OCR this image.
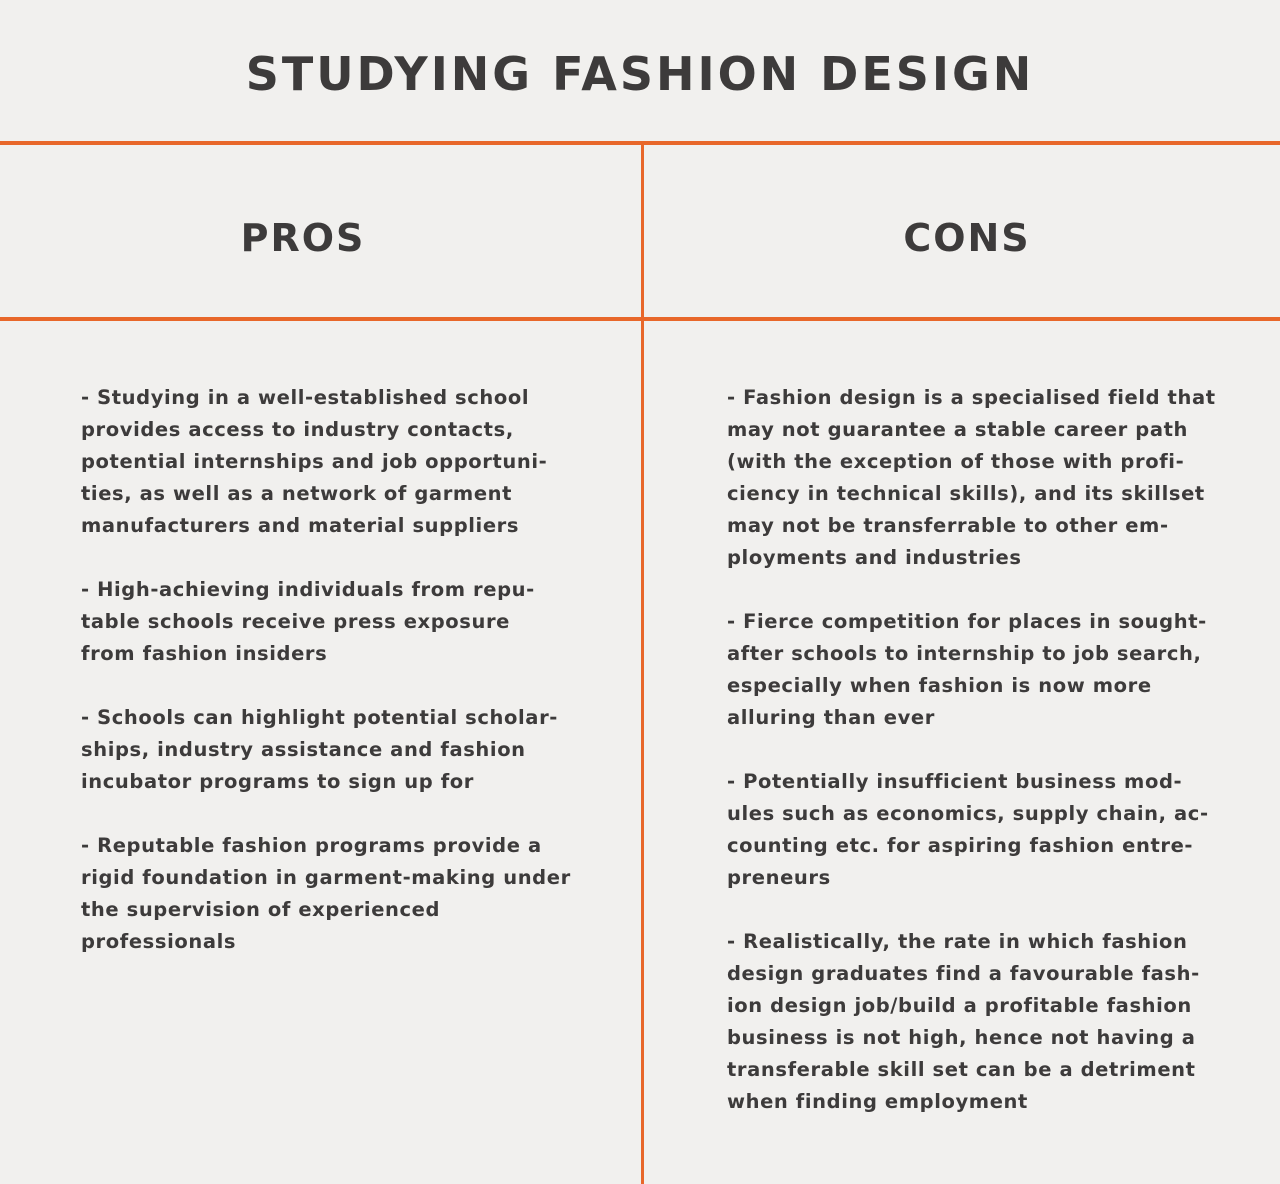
STUDYING FASHION DESIGN
PROS	CONS
- Studying in a well-established school provides access to industry contacts, potential internships and job opportuni-ties, as well as a network of garment manufacturers and material suppliers
- High-achieving individuals from repu-table schools receive press exposure from fashion insiders
- Schools can highlight potential scholar-ships, industry assistance and fashion incubator programs to sign up for
- Reputable fashion programs provide a rigid foundation in garment-making under the supervision of experienced professionals
- Fashion design is a specialised field that may not guarantee a stable career path (with the exception of those with profi-ciency in technical skills), and its skillset may not be transferrable to other em-ployments and industries
- Fierce competition for places in sought-after schools to internship to job search, especially when fashion is now more alluring than ever
- Potentially insufficient business mod-ules such as economics, supply chain, ac-counting etc. for aspiring fashion entre-preneurs
- Realistically, the rate in which fashion design graduates find a favourable fash-ion design job/build a profitable fashion business is not high, hence not having a transferable skill set can be a detriment when finding employment
